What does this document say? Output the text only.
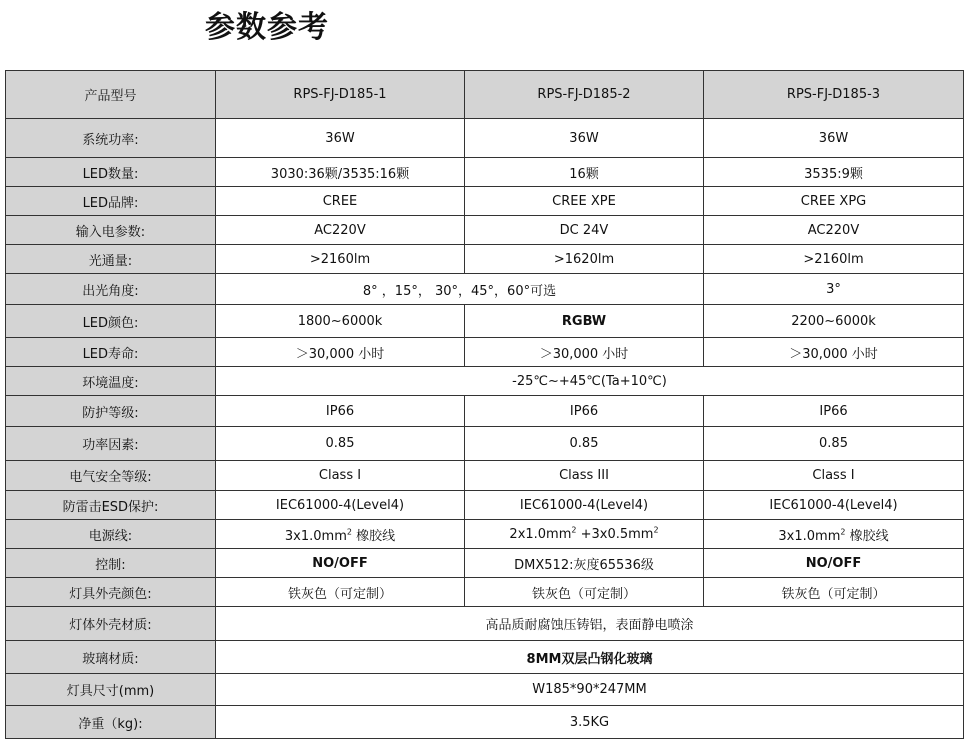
参数参考
产品型号	RPS-FJ-D185-1	RPS-FJ-D185-2	RPS-FJ-D185-3
系统功率:	36W	36W	36W
LED数量:	3030:36颗/3535:16颗	16颗	3535:9颗
LED品牌:	CREE	CREE XPE	CREE XPG
输入电参数:	AC220V	DC 24V	AC220V
光通量:	>2160lm	>1620lm	>2160lm
出光角度:	8° ，15°， 30°，45°，60°可选		3°
LED颜色:	1800~6000k	RGBW	2200~6000k
LED寿命:	＞30,000 小时	＞30,000 小时	＞30,000 小时
环境温度:	-25℃~+45℃(Ta+10℃)		
防护等级:	IP66	IP66	IP66
功率因素:	0.85	0.85	0.85
电气安全等级:	Class I	Class III	Class I
防雷击ESD保护:	IEC61000-4(Level4)	IEC61000-4(Level4)	IEC61000-4(Level4)
电源线:	$3x1.0mm^2$ 橡胶线	$2x1.0mm^2 +3x0.5mm^2$	$3x1.0mm^2$ 橡胶线
控制:	NO/OFF	DMX512:灰度65536级	NO/OFF
灯具外壳颜色:	铁灰色（可定制）	铁灰色（可定制）	铁灰色（可定制）
灯体外壳材质:	高品质耐腐蚀压铸铝，表面静电喷涂		
玻璃材质:	8MM双层凸钢化玻璃		
灯具尺寸(mm)	W185*90*247MM		
净重（kg):	3.5KG		
